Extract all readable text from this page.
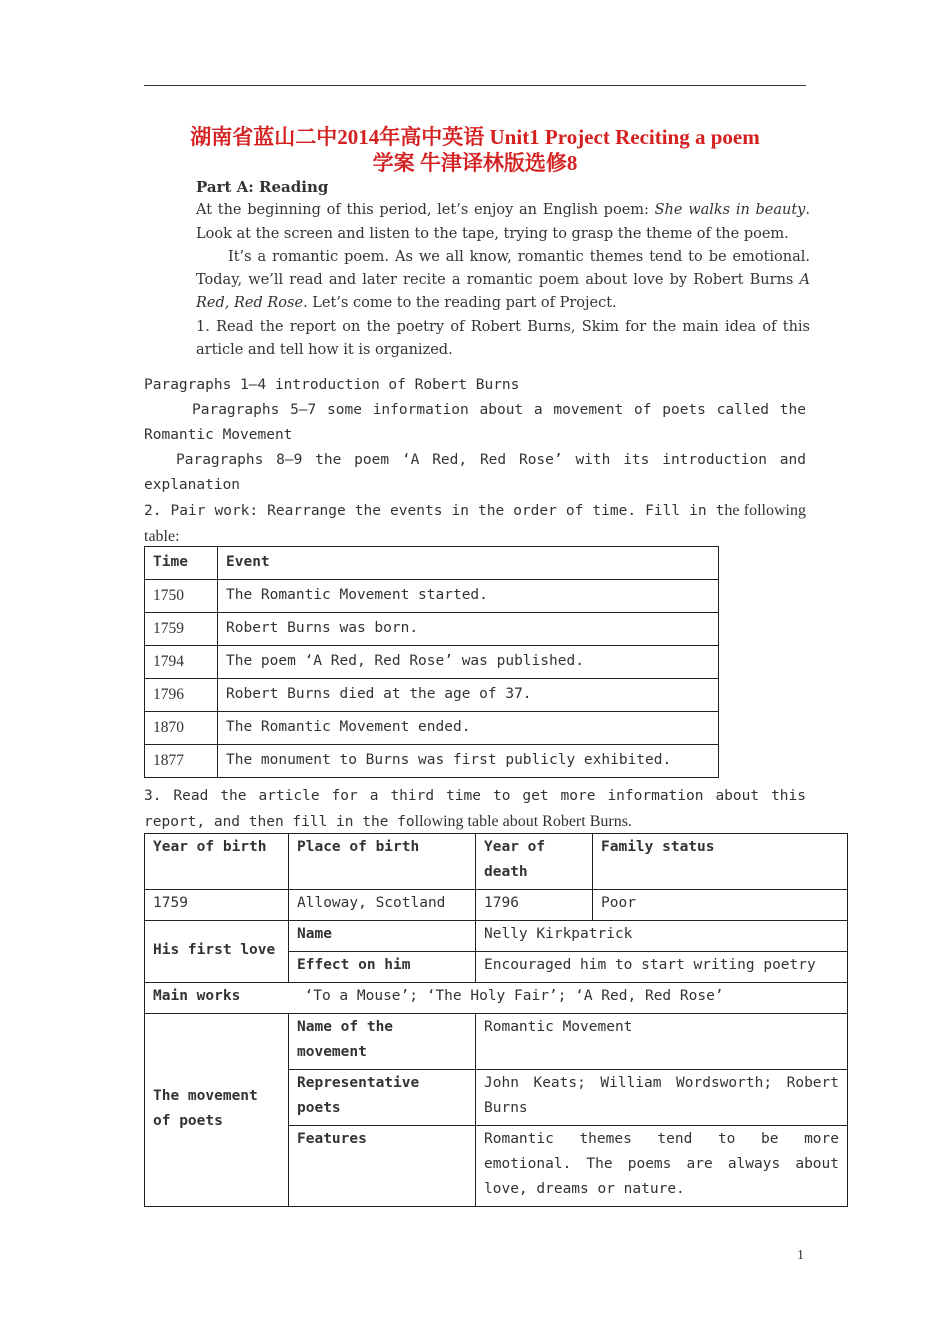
湖南省蓝山二中2014年高中英语 Unit1 Project Reciting a poem
学案 牛津译林版选修8
Part A: Reading

At the beginning of this period, let’s enjoy an English poem: She walks in beauty. Look at the screen and listen to the tape, trying to grasp the theme of the poem.

It’s a romantic poem. As we all know, romantic themes tend to be emotional. Today, we’ll read and later recite a romantic poem about love by Robert Burns A Red, Red Rose. Let’s come to the reading part of Project.

1. Read the report on the poetry of Robert Burns, Skim for the main idea of this article and tell how it is organized.

Paragraphs 1—4 introduction of Robert Burns

Paragraphs 5—7 some information about a movement of poets called the Romantic Movement

Paragraphs 8—9 the poem ‘A Red, Red Rose’ with its introduction and explanation

2. Pair work: Rearrange the events in the order of time. Fill in the following table:

Time	Event
1750	The Romantic Movement started.
1759	Robert Burns was born.
1794	The poem ‘A Red, Red Rose’ was published.
1796	Robert Burns died at the age of 37.
1870	The Romantic Movement ended.
1877	The monument to Burns was first publicly exhibited.

3. Read the article for a third time to get more information about this report, and then fill in the following table about Robert Burns.

Year of birth	Place of birth	Year of death	Family status
1759	Alloway, Scotland	1796	Poor
His first love	Name	Nelly Kirkpatrick	
	Effect on him	Encouraged him to start writing poetry	
Main works	‘To a Mouse’; ‘The Holy Fair’; ‘A Red, Red Rose’		
The movement of poets	Name of the movement	Romantic Movement	
	Representative poets	John Keats; William Wordsworth; Robert Burns	
	Features	Romantic themes tend to be more emotional. The poems are always about love, dreams or nature.	
1
